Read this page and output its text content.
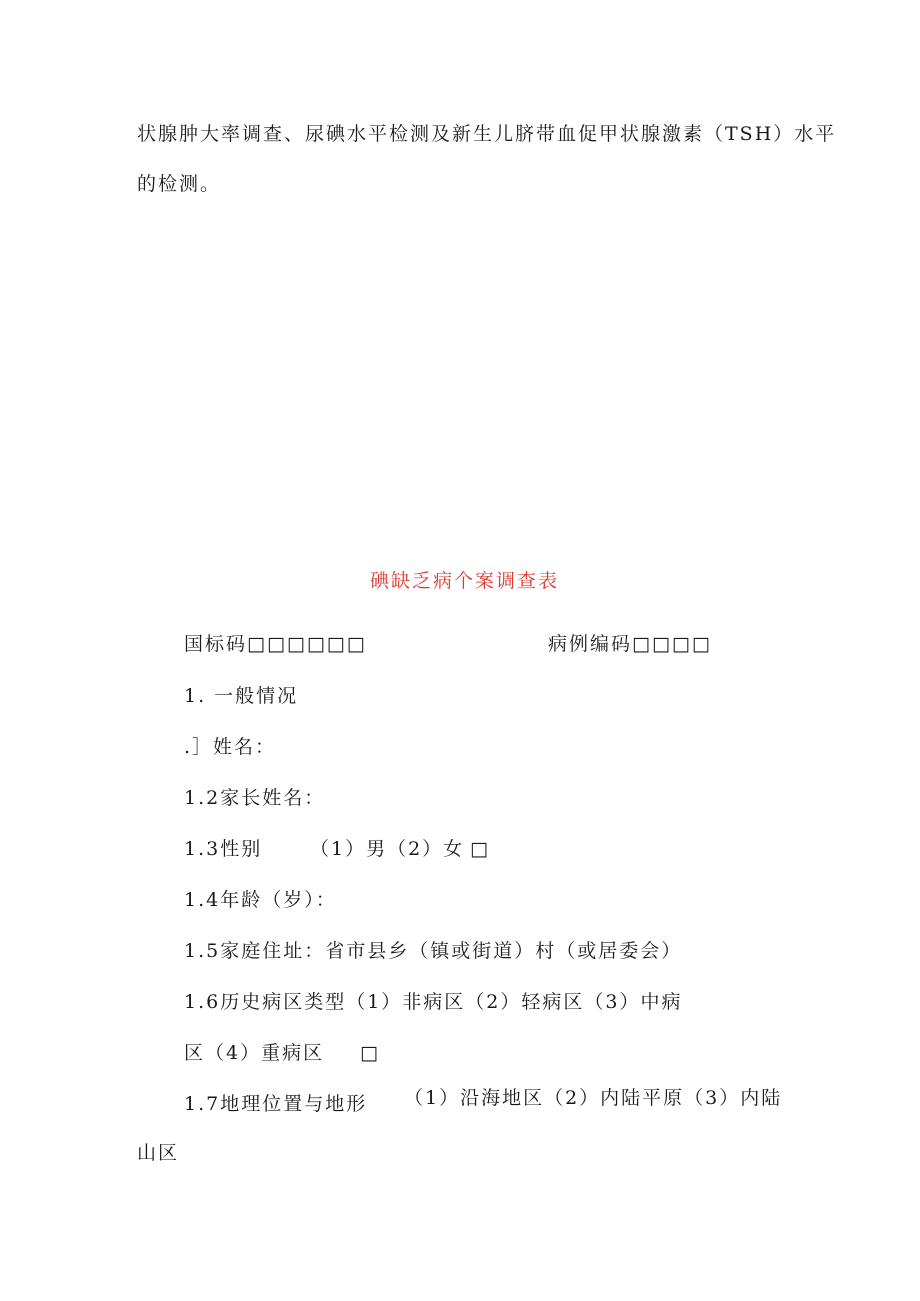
状腺肿大率调查、尿碘水平检测及新生儿脐带血促甲状腺激素（TSH）水平
的检测。
碘缺乏病个案调查表
国标码□□□□□□	病例编码□□□□
1. 一般情况
.］姓名：
1.2家长姓名：
1.3性别	（1）男（2）女 □
1.4年龄（岁）：
1.5家庭住址：省市县乡（镇或街道）村（或居委会）
1.6历史病区类型（1）非病区（2）轻病区（3）中病
区（4）重病区 □
1.7地理位置与地形 （1）沿海地区（2）内陆平原（3）内陆
山区
